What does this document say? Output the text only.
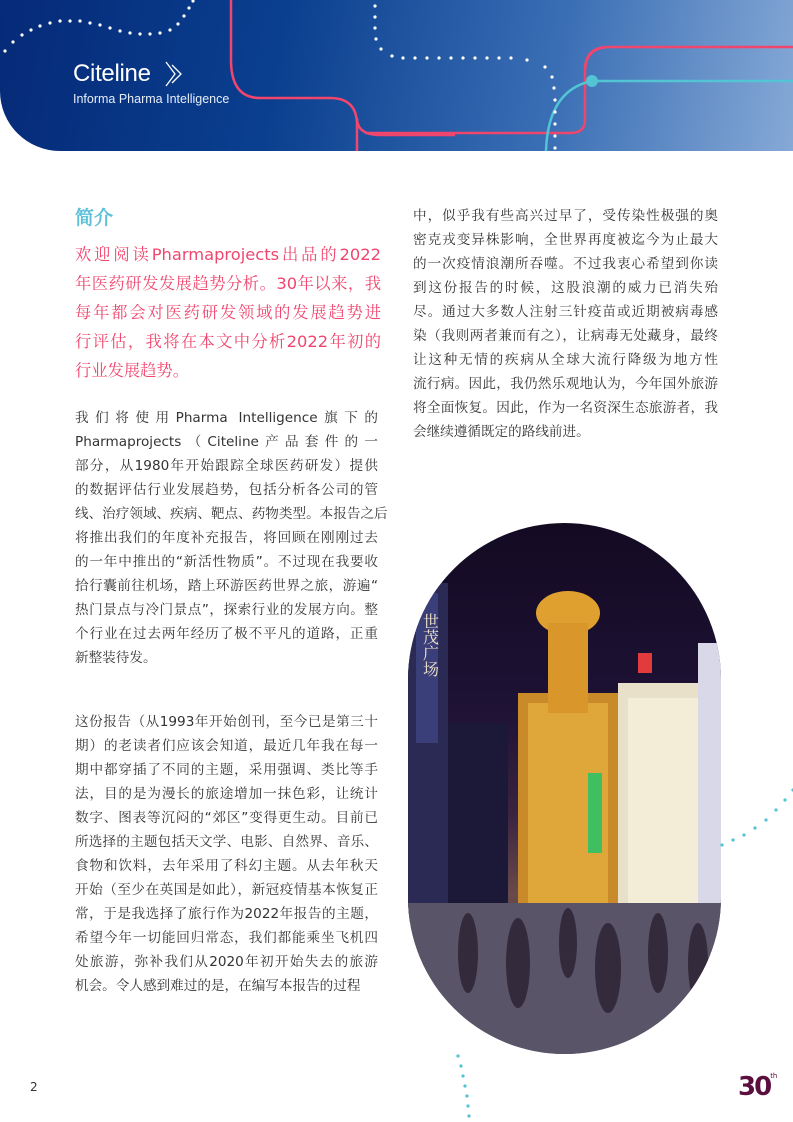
Citeline
Informa Pharma Intelligence
简介
欢迎阅读Pharmaprojects出品的2022
年医药研发发展趋势分析。30年以来，我
每年都会对医药研发领域的发展趋势进
行评估，我将在本文中分析2022年初的
行业发展趋势。
我们将使用Pharma Intelligence旗下的
Pharmaprojects（Citeline产品套件的一
部分，从1980年开始跟踪全球医药研发）提供
的数据评估行业发展趋势，包括分析各公司的管
线、治疗领域、疾病、靶点、药物类型。本报告之后
将推出我们的年度补充报告，将回顾在刚刚过去
的一年中推出的“新活性物质”。不过现在我要收
拾行囊前往机场，踏上环游医药世界之旅，游遍“
热门景点与冷门景点”，探索行业的发展方向。整
个行业在过去两年经历了极不平凡的道路，正重
新整装待发。
这份报告（从1993年开始创刊，至今已是第三十
期）的老读者们应该会知道，最近几年我在每一
期中都穿插了不同的主题，采用强调、类比等手
法，目的是为漫长的旅途增加一抹色彩，让统计
数字、图表等沉闷的“郊区”变得更生动。目前已
所选择的主题包括天文学、电影、自然界、音乐、
食物和饮料，去年采用了科幻主题。从去年秋天
开始（至少在英国是如此），新冠疫情基本恢复正
常，于是我选择了旅行作为2022年报告的主题，
希望今年一切能回归常态，我们都能乘坐飞机四
处旅游，弥补我们从2020年初开始失去的旅游
机会。令人感到难过的是，在编写本报告的过程
中，似乎我有些高兴过早了，受传染性极强的奥
密克戎变异株影响，全世界再度被迄今为止最大
的一次疫情浪潮所吞噬。不过我衷心希望到你读
到这份报告的时候，这股浪潮的威力已消失殆
尽。通过大多数人注射三针疫苗或近期被病毒感
染（我则两者兼而有之），让病毒无处藏身，最终
让这种无情的疾病从全球大流行降级为地方性
流行病。因此，我仍然乐观地认为，今年国外旅游
将全面恢复。因此，作为一名资深生态旅游者，我
会继续遵循既定的路线前进。
世茂广场
2	30th
